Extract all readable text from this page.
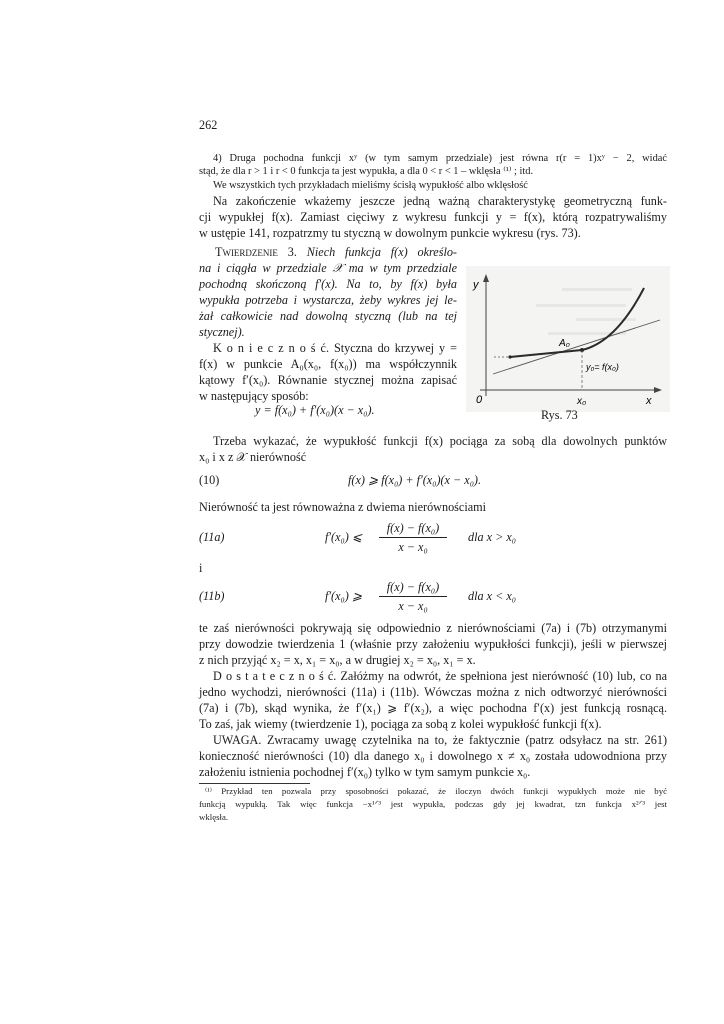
262
4) Druga pochodna funkcji xʸ (w tym samym przedziale) jest równa r(r = 1)xʸ − 2, widać
stąd, że dla r > 1 i r < 0 funkcja ta jest wypukła, a dla 0 < r < 1 – wklęsła ⁽¹⁾ ; itd.
We wszystkich tych przykładach mieliśmy ścisłą wypukłość albo wklęsłość
Na zakończenie wkażemy jeszcze jedną ważną charakterystykę geometryczną funk-
cji wypukłej f(x). Zamiast cięciwy z wykresu funkcji y = f(x), którą rozpatrywaliśmy
w ustępie 141, rozpatrzmy tu styczną w dowolnym punkcie wykresu (rys. 73).
Twierdzenie 3. Niech funkcja f(x) określo-
na i ciągła w przedziale 𝒳 ma w tym przedziale
pochodną skończoną f′(x). Na to, by f(x) była
wypukła potrzeba i wystarcza, żeby wykres jej le-
żał całkowicie nad dowolną styczną (lub na tej
stycznej).
K o n i e c z n o ś ć. Styczna do krzywej y =
f(x) w punkcie A₀(x₀, f(x₀)) ma współczynnik
kątowy f′(x₀). Równanie stycznej można zapisać
w następujący sposób:
y = f(x₀) + f′(x₀)(x − x₀).
y
x
0
A₀
y₀= f(x₀)
x₀
Rys. 73
Trzeba wykazać, że wypukłość funkcji f(x) pociąga za sobą dla dowolnych punktów
x₀ i x z 𝒳 nierówność
(10)	f(x) ⩾ f(x₀) + f′(x₀)(x − x₀).
Nierówność ta jest równoważna z dwiema nierównościami
(11a)	f′(x₀) ⩽
f(x) − f(x₀)
x − x₀
dla x > x₀
i
(11b)	f′(x₀) ⩾
f(x) − f(x₀)
x − x₀
dla x < x₀
te zaś nierówności pokrywają się odpowiednio z nierównościami (7a) i (7b) otrzymanymi
przy dowodzie twierdzenia 1 (właśnie przy założeniu wypukłości funkcji), jeśli w pierwszej
z nich przyjąć x₂ = x, x₁ = x₀, a w drugiej x₂ = x₀, x₁ = x.
D o s t a t e c z n o ś ć. Załóżmy na odwrót, że spełniona jest nierówność (10) lub, co na
jedno wychodzi, nierówności (11a) i (11b). Wówczas można z nich odtworzyć nierówności
(7a) i (7b), skąd wynika, że f′(x₁) ⩾ f′(x₂), a więc pochodna f′(x) jest funkcją rosnącą.
To zaś, jak wiemy (twierdzenie 1), pociąga za sobą z kolei wypukłość funkcji f(x).
UWAGA. Zwracamy uwagę czytelnika na to, że faktycznie (patrz odsyłacz na str. 261)
konieczność nierówności (10) dla danego x₀ i dowolnego x ≠ x₀ została udowodniona przy
założeniu istnienia pochodnej f′(x₀) tylko w tym samym punkcie x₀.
⁽¹⁾ Przykład ten pozwala przy sposobności pokazać, że iloczyn dwóch funkcji wypukłych może nie być
funkcją wypukłą. Tak więc funkcja −x¹ᐟ³ jest wypukła, podczas gdy jej kwadrat, tzn funkcja x²ᐟ³ jest
wklęsła.
